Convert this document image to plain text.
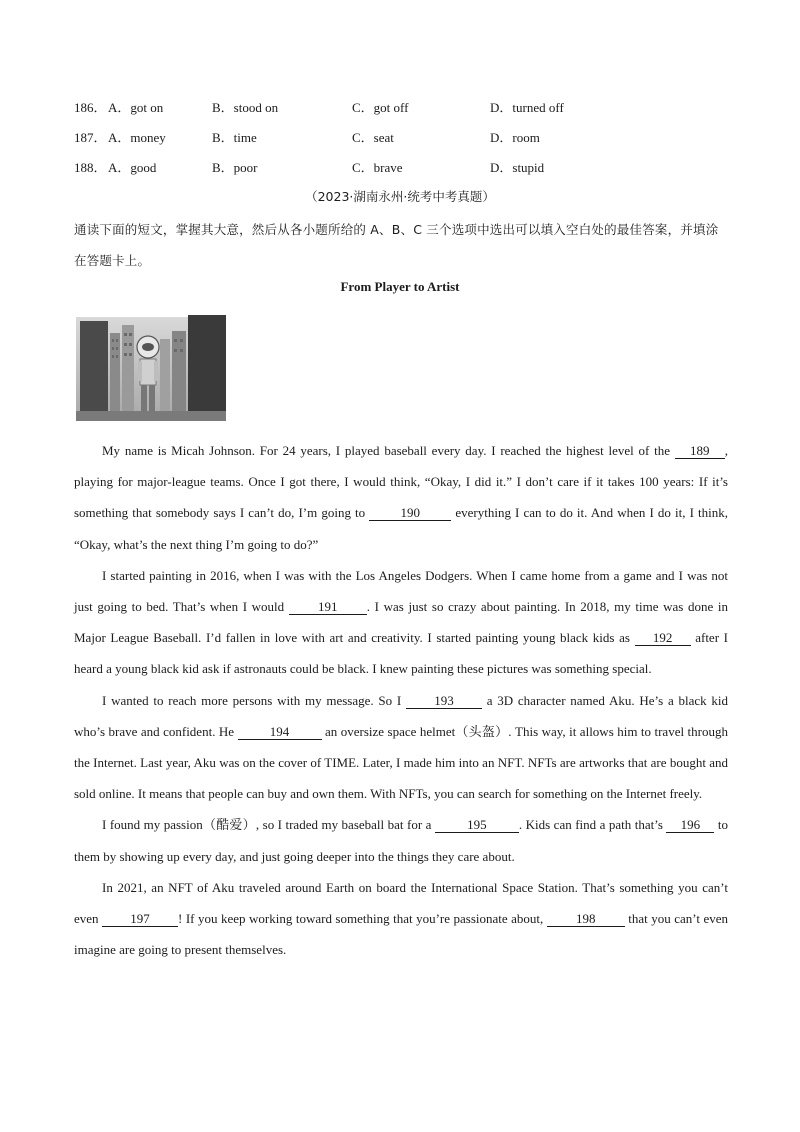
186． A．got on	B．stood on	C．got off	D．turned off
187． A．money	B．time	C．seat	D．room
188． A．good	B．poor	C．brave	D．stupid
（2023·湖南永州·统考中考真题）
通读下面的短文，掌握其大意，然后从各小题所给的 A、B、C 三个选项中选出可以填入空白处的最佳答案，并填涂在答题卡上。
From Player to Artist

My name is Micah Johnson. For 24 years, I played baseball every day. I reached the highest level of the 189 , playing for major-league teams. Once I got there, I would think, “Okay, I did it.” I don’t care if it takes 100 years: If it’s something that somebody says I can’t do, I’m going to 190 everything I can to do it. And when I do it, I think, “Okay, what’s the next thing I’m going to do?”

I started painting in 2016, when I was with the Los Angeles Dodgers. When I came home from a game and I was not just going to bed. That’s when I would 191 . I was just so crazy about painting. In 2018, my time was done in Major League Baseball. I’d fallen in love with art and creativity. I started painting young black kids as 192 after I heard a young black kid ask if astronauts could be black. I knew painting these pictures was something special.

I wanted to reach more persons with my message. So I 193 a 3D character named Aku. He’s a black kid who’s brave and confident. He 194 an oversize space helmet（头盔）. This way, it allows him to travel through the Internet. Last year, Aku was on the cover of TIME. Later, I made him into an NFT. NFTs are artworks that are bought and sold online. It means that people can buy and own them. With NFTs, you can search for something on the Internet freely.

I found my passion（酷爱）, so I traded my baseball bat for a 195 . Kids can find a path that’s 196 to them by showing up every day, and just going deeper into the things they care about.

In 2021, an NFT of Aku traveled around Earth on board the International Space Station. That’s something you can’t even 197 ! If you keep working toward something that you’re passionate about, 198 that you can’t even imagine are going to present themselves.
